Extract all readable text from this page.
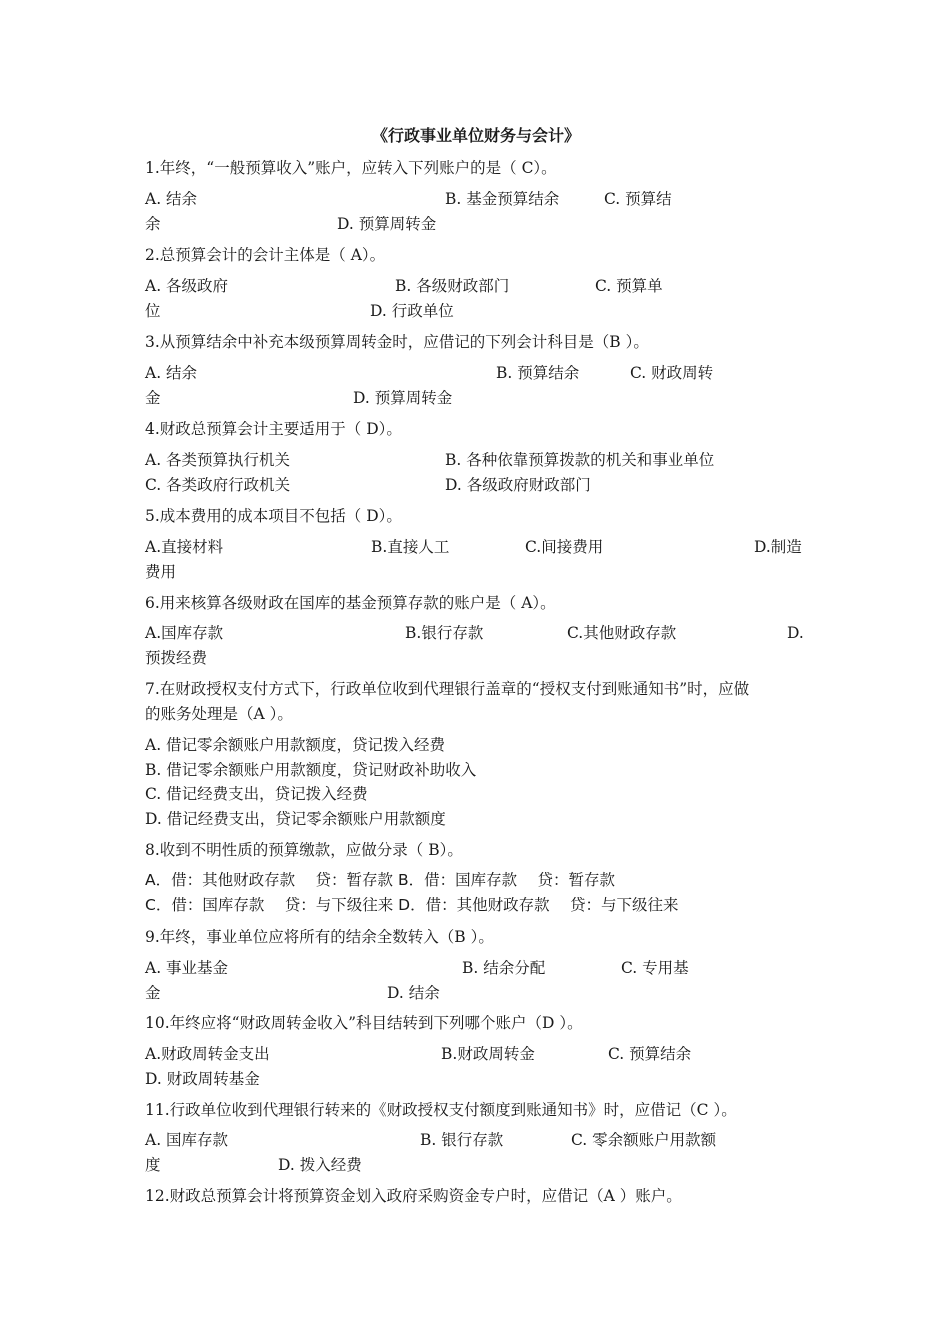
《行政事业单位财务与会计》
1.年终，“一般预算收入”账户，应转入下列账户的是（ C）。
A. 结余	B. 基金预算结余	C. 预算结
余	D. 预算周转金
2.总预算会计的会计主体是（ A）。
A. 各级政府	B. 各级财政部门	C. 预算单
位	D. 行政单位
3.从预算结余中补充本级预算周转金时，应借记的下列会计科目是（B ）。
A. 结余	B. 预算结余	C. 财政周转
金	D. 预算周转金
4.财政总预算会计主要适用于（ D）。
A. 各类预算执行机关	B. 各种依靠预算拨款的机关和事业单位
C. 各类政府行政机关	D. 各级政府财政部门
5.成本费用的成本项目不包括（ D）。
A.直接材料	B.直接人工	C.间接费用	D.制造
费用
6.用来核算各级财政在国库的基金预算存款的账户是（ A）。
A.国库存款	B.银行存款	C.其他财政存款	D.
预拨经费
7.在财政授权支付方式下，行政单位收到代理银行盖章的“授权支付到账通知书”时，应做
的账务处理是（A ）。
A. 借记零余额账户用款额度，贷记拨入经费
B. 借记零余额账户用款额度，贷记财政补助收入
C. 借记经费支出，贷记拨入经费
D. 借记经费支出，贷记零余额账户用款额度
8.收到不明性质的预算缴款，应做分录（ B）。
A．借：其他财政存款　 贷：暂存款 B．借：国库存款　 贷：暂存款
C．借：国库存款　 贷：与下级往来 D．借：其他财政存款　 贷：与下级往来
9.年终，事业单位应将所有的结余全数转入（B ）。
A. 事业基金	B. 结余分配	C. 专用基
金	D. 结余
10.年终应将“财政周转金收入”科目结转到下列哪个账户（D ）。
A.财政周转金支出	B.财政周转金	C. 预算结余
D. 财政周转基金
11.行政单位收到代理银行转来的《财政授权支付额度到账通知书》时，应借记（C ）。
A. 国库存款	B. 银行存款	C. 零余额账户用款额
度	D. 拨入经费
12.财政总预算会计将预算资金划入政府采购资金专户时，应借记（A ）账户。
